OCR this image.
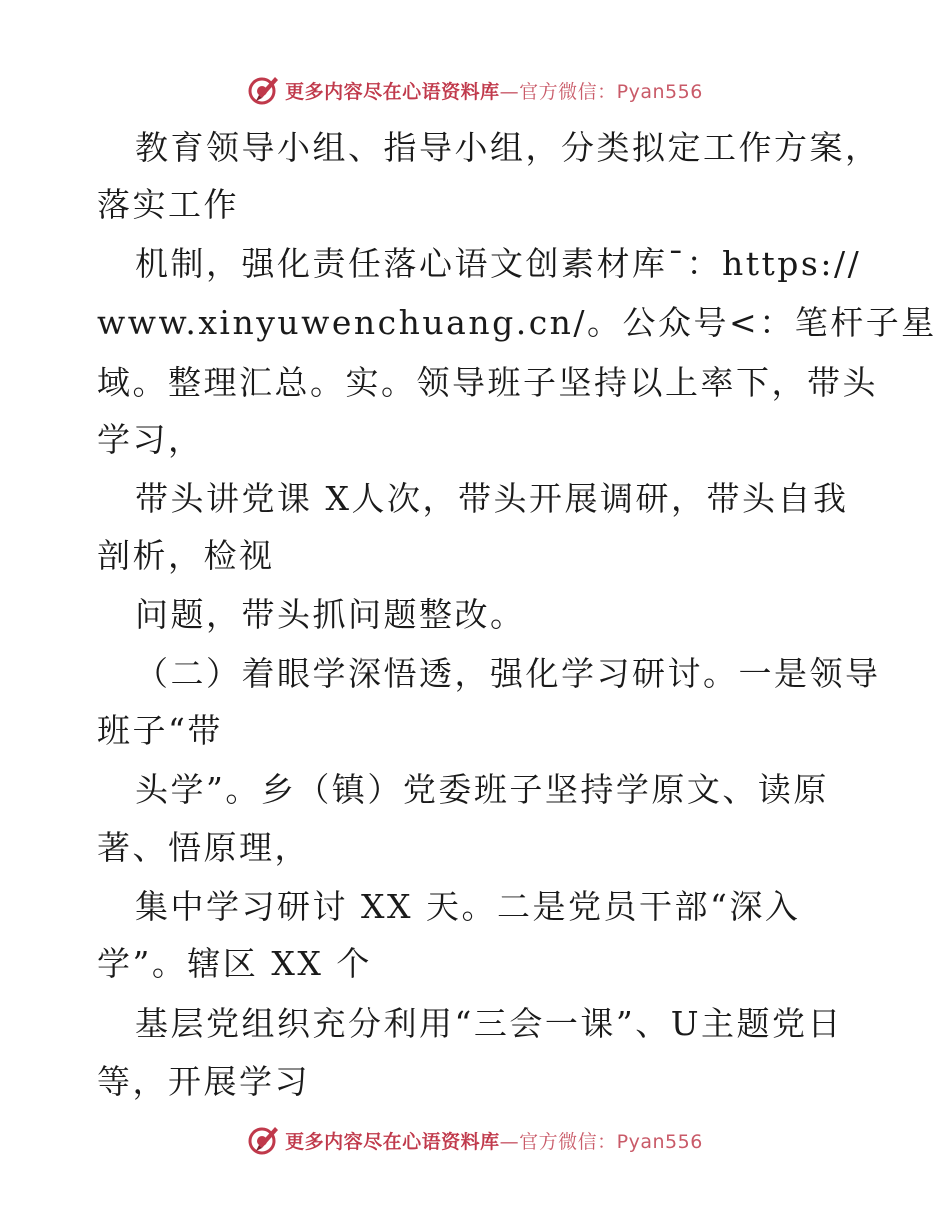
更多内容尽在心语资料库 —官方微信：Pyan556
教育领导小组、指导小组，分类拟定工作方案，
落实工作
机制，强化责任落心语文创素材库¯：https://
www.xinyuwenchuang.cn/。公众号<：笔杆子星
域。整理汇总。实。领导班子坚持以上率下，带头
学习，
带头讲党课 X人次，带头开展调研，带头自我
剖析，检视
问题，带头抓问题整改。
（二）着眼学深悟透，强化学习研讨。一是领导
班子“带
头学”。乡（镇）党委班子坚持学原文、读原
著、悟原理，
集中学习研讨 XX 天。二是党员干部“深入
学”。辖区 XX 个
基层党组织充分利用“三会一课”、U主题党日
等，开展学习
更多内容尽在心语资料库 —官方微信：Pyan556
